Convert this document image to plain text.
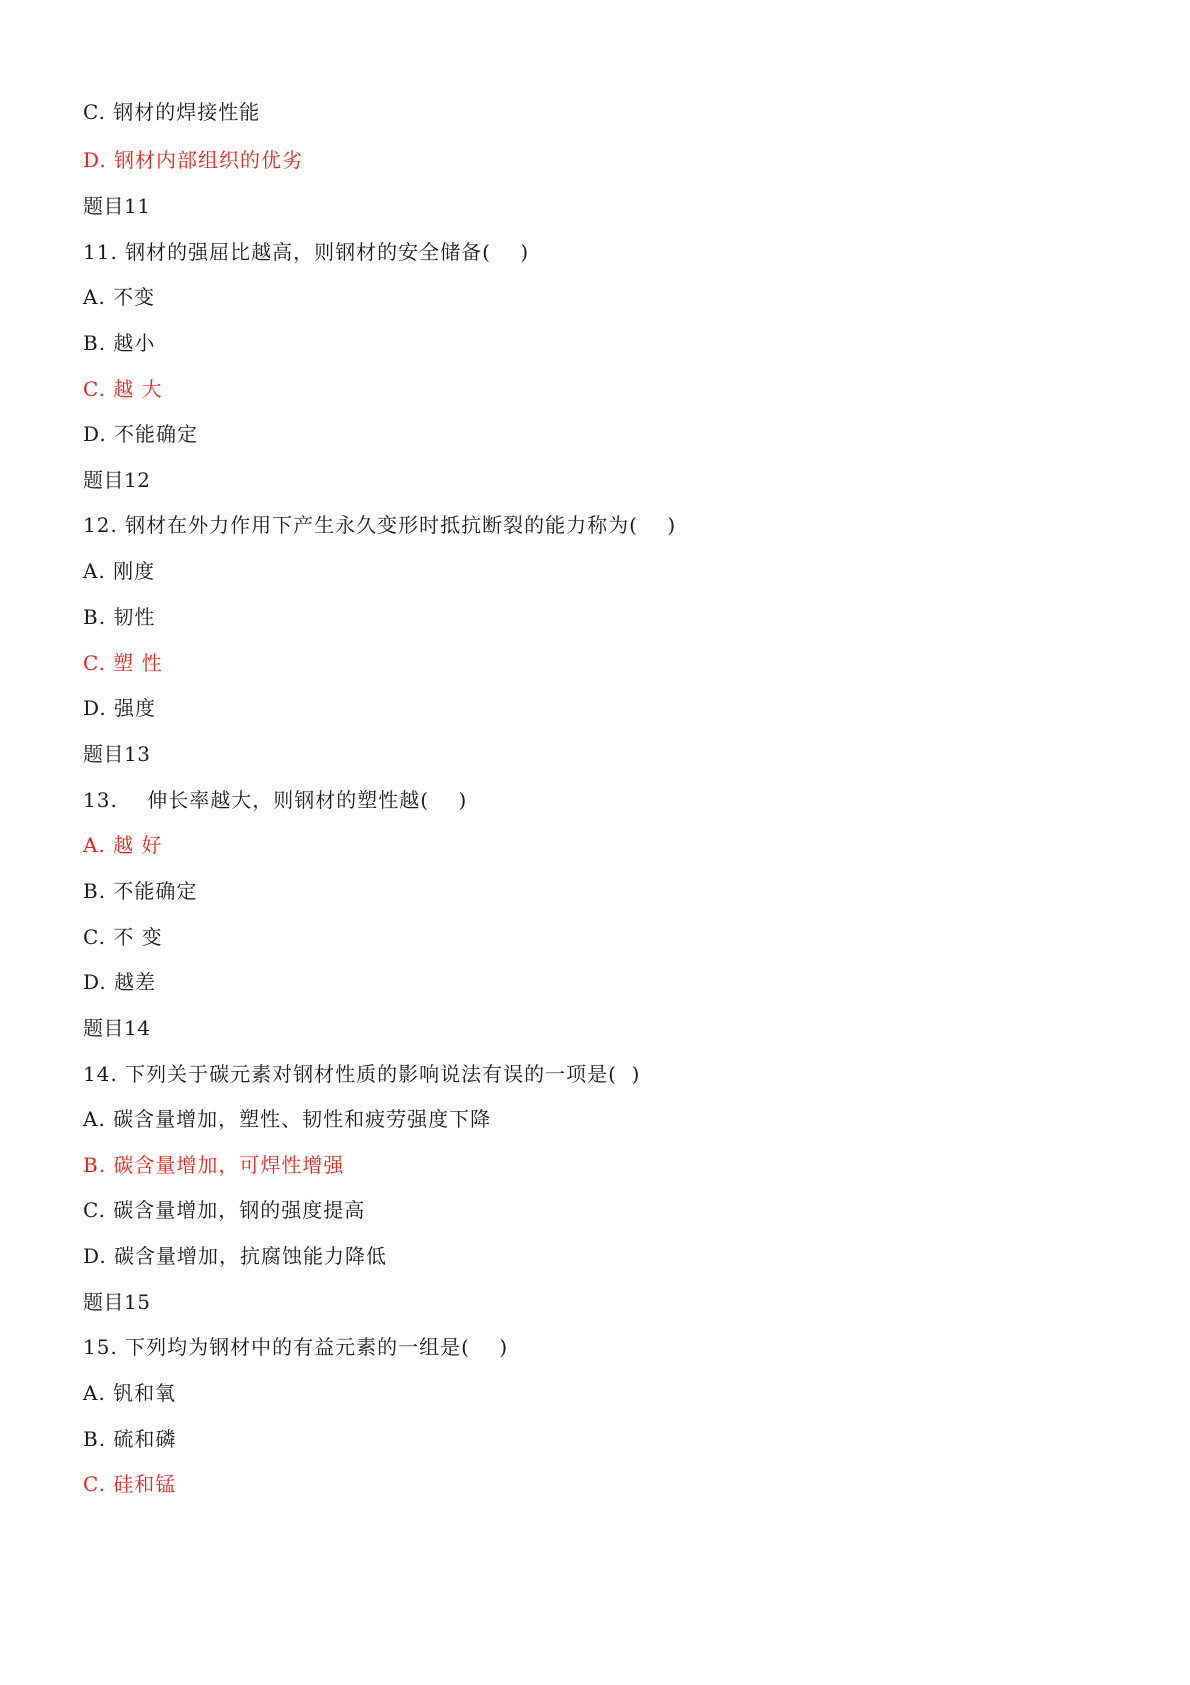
C. 钢材的焊接性能
D. 钢材内部组织的优劣
题目11
11. 钢材的强屈比越高，则钢材的安全储备(    )
A. 不变
B. 越小
C. 越 大
D. 不能确定
题目12
12. 钢材在外力作用下产生永久变形时抵抗断裂的能力称为(    )
A. 刚度
B. 韧性
C. 塑 性
D. 强度
题目13
13.    伸长率越大，则钢材的塑性越(    )
A. 越 好
B. 不能确定
C. 不 变
D. 越差
题目14
14. 下列关于碳元素对钢材性质的影响说法有误的一项是(  )
A. 碳含量增加，塑性、韧性和疲劳强度下降
B. 碳含量增加，可焊性增强
C. 碳含量增加，钢的强度提高
D. 碳含量增加，抗腐蚀能力降低
题目15
15. 下列均为钢材中的有益元素的一组是(    )
A. 钒和氧
B. 硫和磷
C. 硅和锰
